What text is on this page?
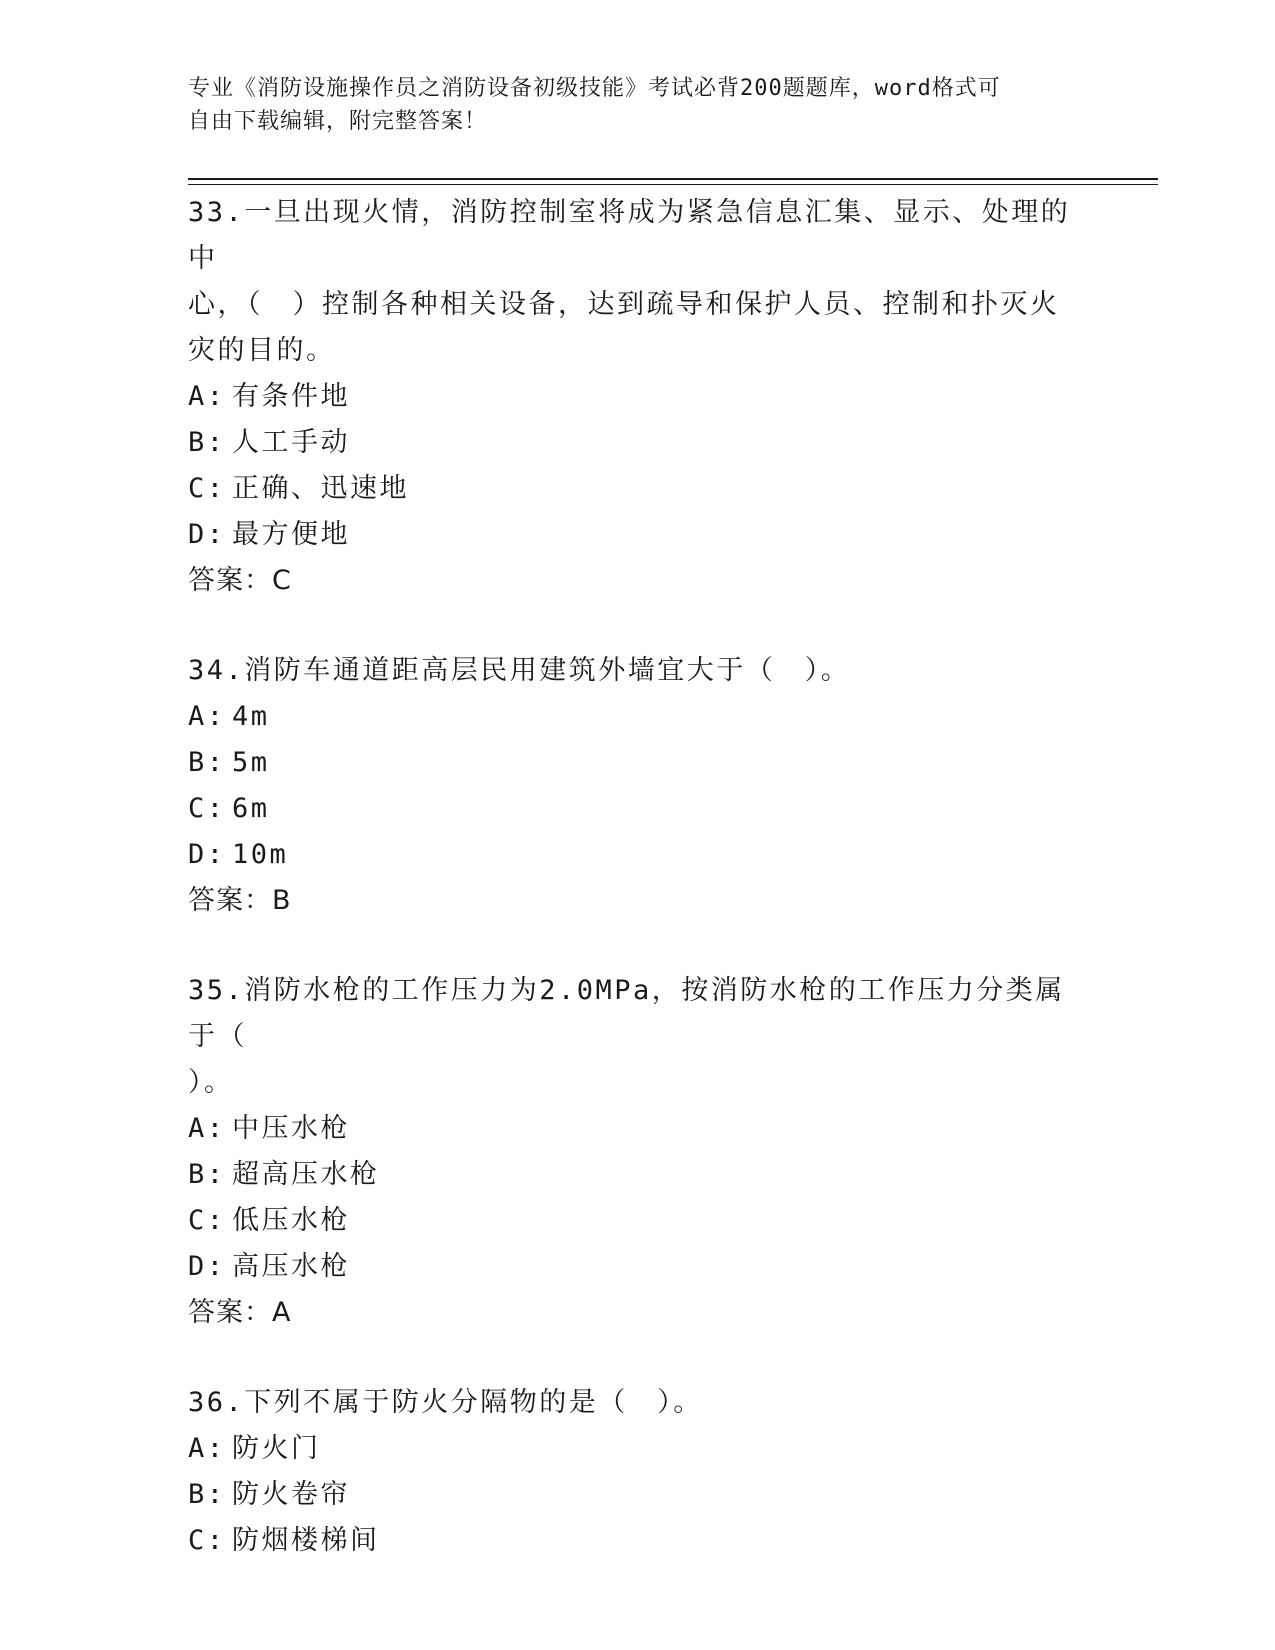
专业《消防设施操作员之消防设备初级技能》考试必背200题题库，word格式可
自由下载编辑，附完整答案！
33.一旦出现火情，消防控制室将成为紧急信息汇集、显示、处理的中
心，（　）控制各种相关设备，达到疏导和保护人员、控制和扑灭火
灾的目的。
A: 有条件地
B: 人工手动
C: 正确、迅速地
D: 最方便地
答案：C
34.消防车通道距高层民用建筑外墙宜大于（　）。
A: 4m
B: 5m
C: 6m
D: 10m
答案：B
35.消防水枪的工作压力为2.0MPa，按消防水枪的工作压力分类属于（
）。
A: 中压水枪
B: 超高压水枪
C: 低压水枪
D: 高压水枪
答案：A
36.下列不属于防火分隔物的是（　）。
A: 防火门
B: 防火卷帘
C: 防烟楼梯间
